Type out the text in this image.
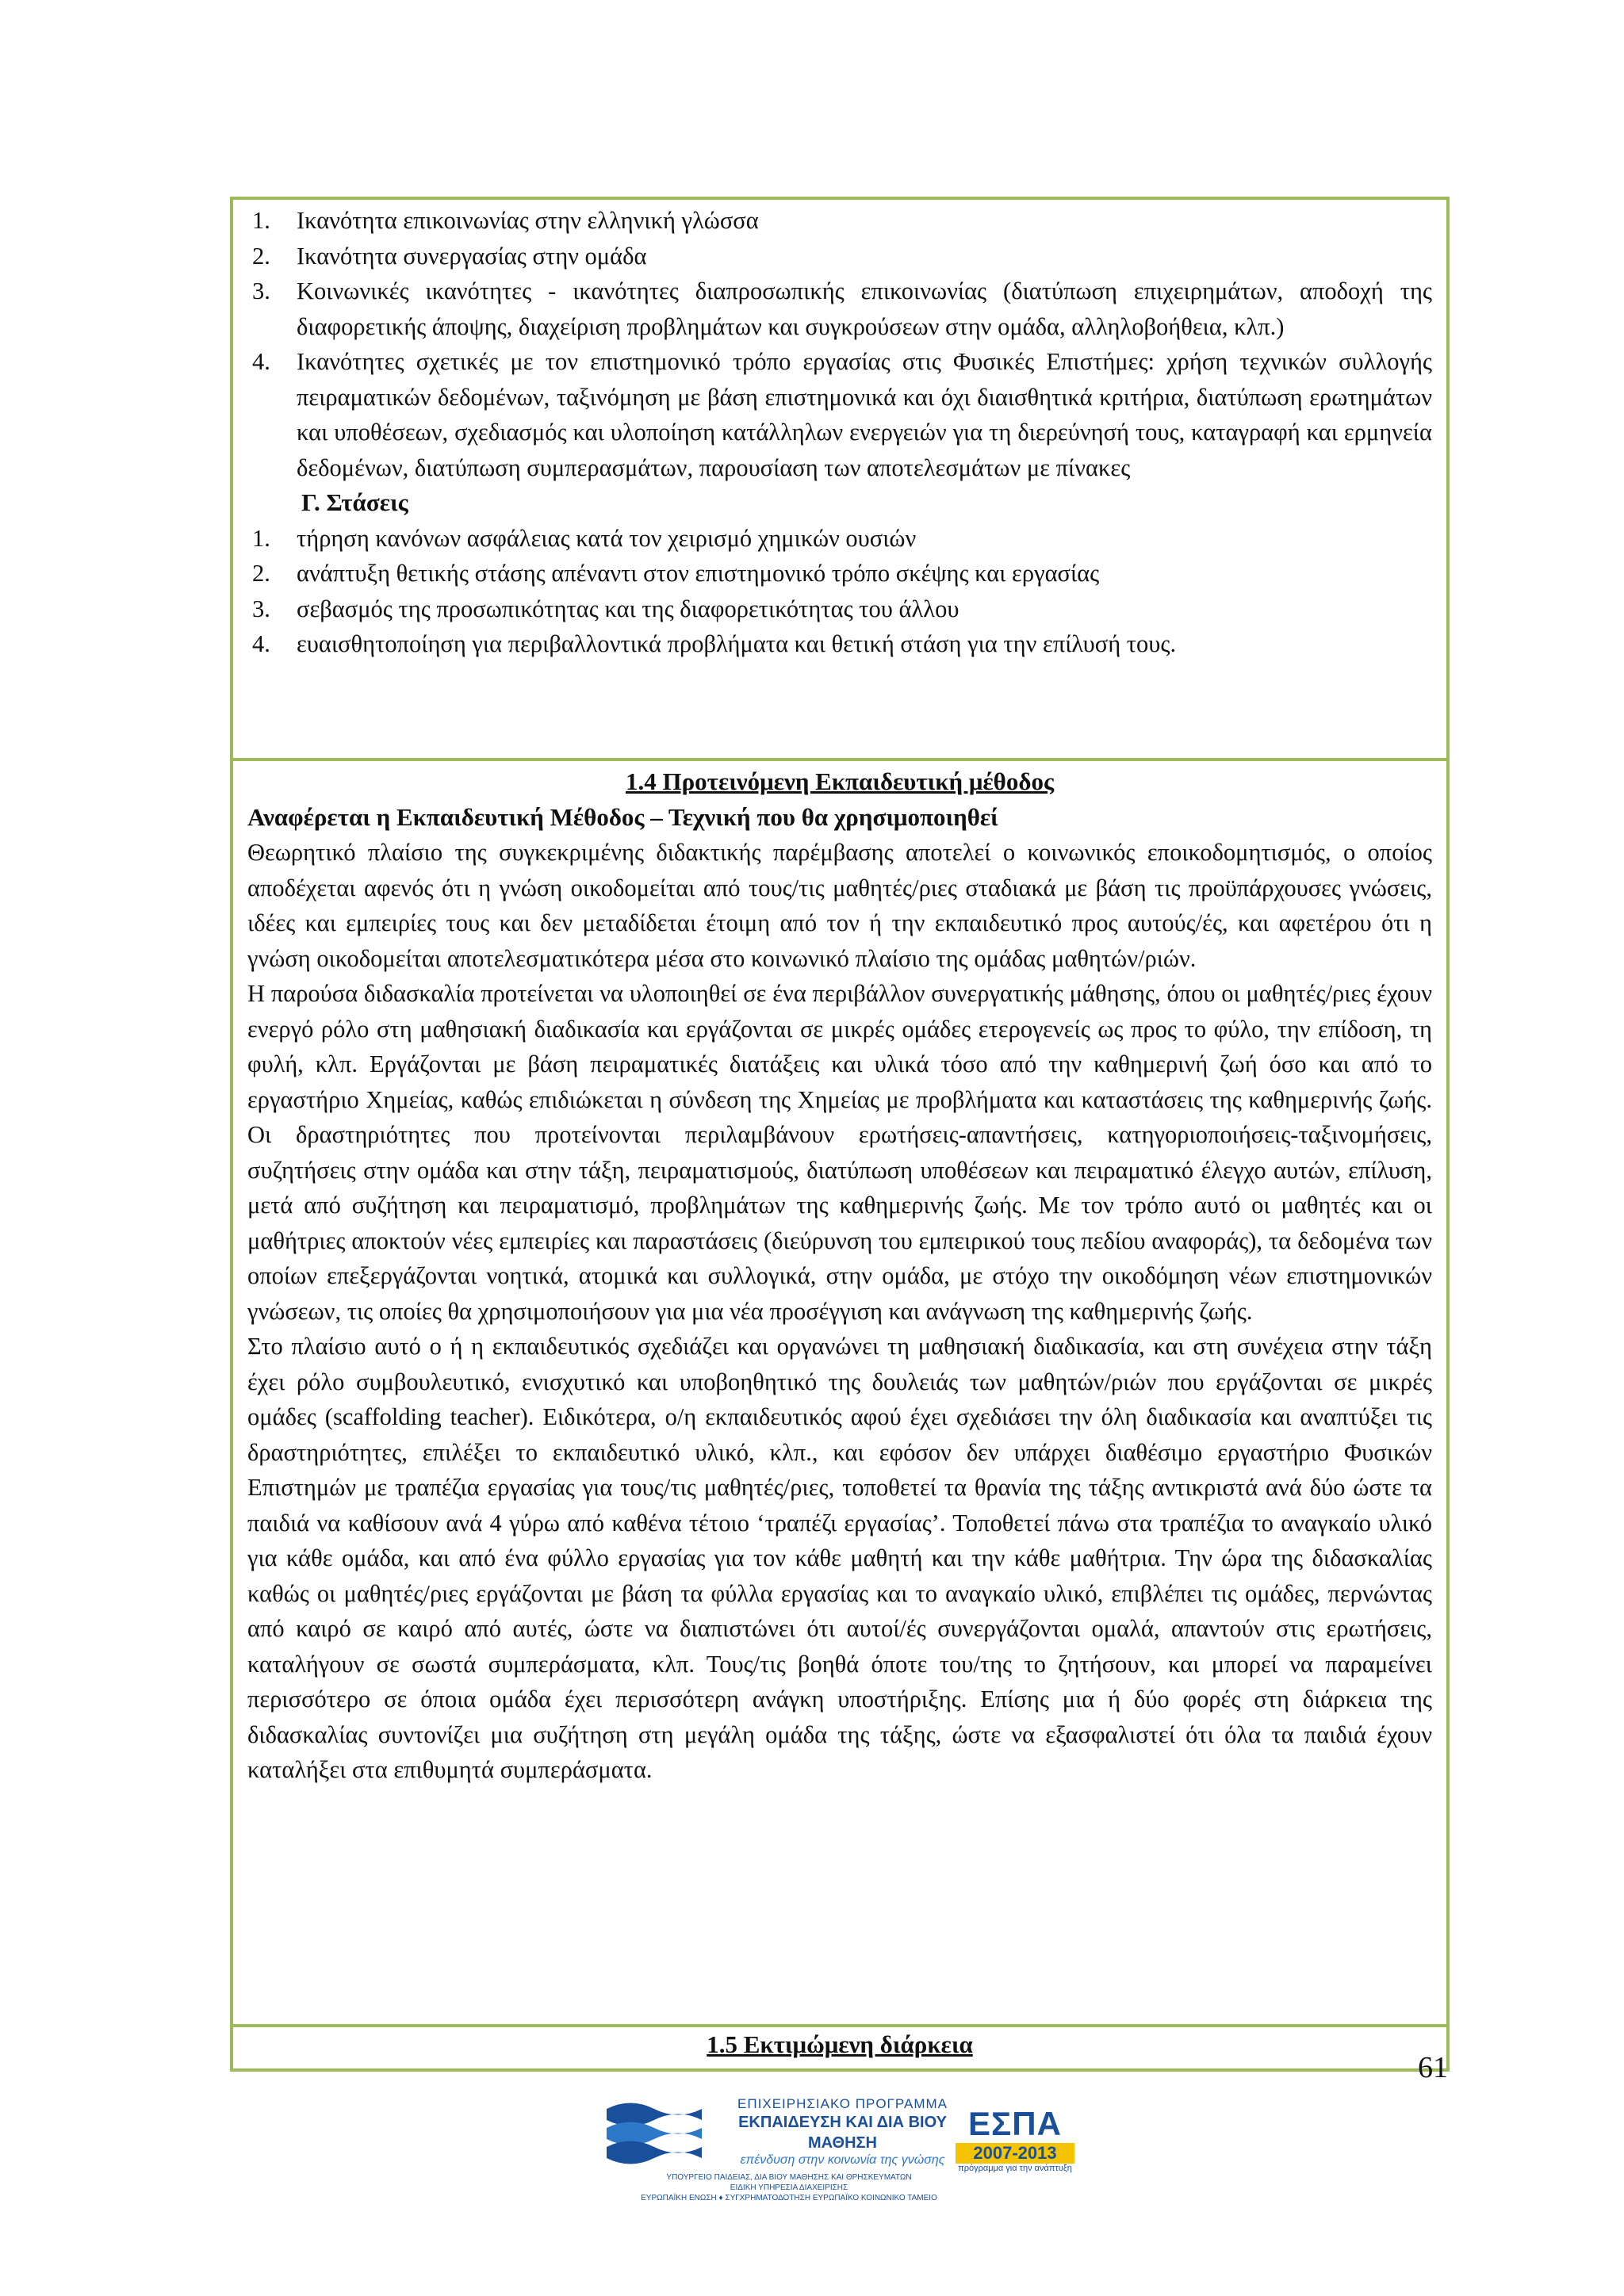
1.	Ικανότητα επικοινωνίας στην ελληνική γλώσσα
2.	Ικανότητα συνεργασίας στην ομάδα
3.	Κοινωνικές ικανότητες - ικανότητες διαπροσωπικής επικοινωνίας (διατύπωση επιχειρημάτων, αποδοχή της διαφορετικής άποψης, διαχείριση προβλημάτων και συγκρούσεων στην ομάδα, αλληλοβοήθεια, κλπ.)
4.	Ικανότητες σχετικές με τον επιστημονικό τρόπο εργασίας στις Φυσικές Επιστήμες: χρήση τεχνικών συλλογής πειραματικών δεδομένων, ταξινόμηση με βάση επιστημονικά και όχι διαισθητικά κριτήρια, διατύπωση ερωτημάτων και υποθέσεων, σχεδιασμός και υλοποίηση κατάλληλων ενεργειών για τη διερεύνησή τους, καταγραφή και ερμηνεία δεδομένων, διατύπωση συμπερασμάτων, παρουσίαση των αποτελεσμάτων με πίνακες
Γ. Στάσεις
1.	τήρηση κανόνων ασφάλειας κατά τον χειρισμό χημικών ουσιών
2.	ανάπτυξη θετικής στάσης απέναντι στον επιστημονικό τρόπο σκέψης και εργασίας
3.	σεβασμός της προσωπικότητας και της διαφορετικότητας του άλλου
4.	ευαισθητοποίηση για περιβαλλοντικά προβλήματα και θετική στάση για την επίλυσή τους.
1.4 Προτεινόμενη Εκπαιδευτική μέθοδος
Αναφέρεται η Εκπαιδευτική Μέθοδος – Τεχνική που θα χρησιμοποιηθεί

Θεωρητικό πλαίσιο της συγκεκριμένης διδακτικής παρέμβασης αποτελεί ο κοινωνικός εποικοδομητισμός, ο οποίος αποδέχεται αφενός ότι η γνώση οικοδομείται από τους/τις μαθητές/ριες σταδιακά με βάση τις προϋπάρχουσες γνώσεις, ιδέες και εμπειρίες τους και δεν μεταδίδεται έτοιμη από τον ή την εκπαιδευτικό προς αυτούς/ές, και αφετέρου ότι η γνώση οικοδομείται αποτελεσματικότερα μέσα στο κοινωνικό πλαίσιο της ομάδας μαθητών/ριών.

Η παρούσα διδασκαλία προτείνεται να υλοποιηθεί σε ένα περιβάλλον συνεργατικής μάθησης, όπου οι μαθητές/ριες έχουν ενεργό ρόλο στη μαθησιακή διαδικασία και εργάζονται σε μικρές ομάδες ετερογενείς ως προς το φύλο, την επίδοση, τη φυλή, κλπ. Εργάζονται με βάση πειραματικές διατάξεις και υλικά τόσο από την καθημερινή ζωή όσο και από το εργαστήριο Χημείας, καθώς επιδιώκεται η σύνδεση της Χημείας με προβλήματα και καταστάσεις της καθημερινής ζωής. Οι δραστηριότητες που προτείνονται περιλαμβάνουν ερωτήσεις-απαντήσεις, κατηγοριοποιήσεις-ταξινομήσεις, συζητήσεις στην ομάδα και στην τάξη, πειραματισμούς, διατύπωση υποθέσεων και πειραματικό έλεγχο αυτών, επίλυση, μετά από συζήτηση και πειραματισμό, προβλημάτων της καθημερινής ζωής. Με τον τρόπο αυτό οι μαθητές και οι μαθήτριες αποκτούν νέες εμπειρίες και παραστάσεις (διεύρυνση του εμπειρικού τους πεδίου αναφοράς), τα δεδομένα των οποίων επεξεργάζονται νοητικά, ατομικά και συλλογικά, στην ομάδα, με στόχο την οικοδόμηση νέων επιστημονικών γνώσεων, τις οποίες θα χρησιμοποιήσουν για μια νέα προσέγγιση και ανάγνωση της καθημερινής ζωής.

Στο πλαίσιο αυτό ο ή η εκπαιδευτικός σχεδιάζει και οργανώνει τη μαθησιακή διαδικασία, και στη συνέχεια στην τάξη έχει ρόλο συμβουλευτικό, ενισχυτικό και υποβοηθητικό της δουλειάς των μαθητών/ριών που εργάζονται σε μικρές ομάδες (scaffolding teacher). Ειδικότερα, ο/η εκπαιδευτικός αφού έχει σχεδιάσει την όλη διαδικασία και αναπτύξει τις δραστηριότητες, επιλέξει το εκπαιδευτικό υλικό, κλπ., και εφόσον δεν υπάρχει διαθέσιμο εργαστήριο Φυσικών Επιστημών με τραπέζια εργασίας για τους/τις μαθητές/ριες, τοποθετεί τα θρανία της τάξης αντικριστά ανά δύο ώστε τα παιδιά να καθίσουν ανά 4 γύρω από καθένα τέτοιο ‘τραπέζι εργασίας’. Τοποθετεί πάνω στα τραπέζια το αναγκαίο υλικό για κάθε ομάδα, και από ένα φύλλο εργασίας για τον κάθε μαθητή και την κάθε μαθήτρια. Την ώρα της διδασκαλίας καθώς οι μαθητές/ριες εργάζονται με βάση τα φύλλα εργασίας και το αναγκαίο υλικό, επιβλέπει τις ομάδες, περνώντας από καιρό σε καιρό από αυτές, ώστε να διαπιστώνει ότι αυτοί/ές συνεργάζονται ομαλά, απαντούν στις ερωτήσεις, καταλήγουν σε σωστά συμπεράσματα, κλπ. Τους/τις βοηθά όποτε του/της το ζητήσουν, και μπορεί να παραμείνει περισσότερο σε όποια ομάδα έχει περισσότερη ανάγκη υποστήριξης. Επίσης μια ή δύο φορές στη διάρκεια της διδασκαλίας συντονίζει μια συζήτηση στη μεγάλη ομάδα της τάξης, ώστε να εξασφαλιστεί ότι όλα τα παιδιά έχουν καταλήξει στα επιθυμητά συμπεράσματα.

1.5 Εκτιμώμενη διάρκεια
61
ΕΠΙΧΕΙΡΗΣΙΑΚΟ ΠΡΟΓΡΑΜΜΑ
ΕΚΠΑΙΔΕΥΣΗ ΚΑΙ ΔΙΑ ΒΙΟΥ ΜΑΘΗΣΗ
επένδυση στην κοινωνία της γνώσης
ΥΠΟΥΡΓΕΙΟ ΠΑΙΔΕΙΑΣ, ΔΙΑ ΒΙΟΥ ΜΑΘΗΣΗΣ ΚΑΙ ΘΡΗΣΚΕΥΜΑΤΩΝ
ΕΙΔΙΚΗ ΥΠΗΡΕΣΙΑ ΔΙΑΧΕΙΡΙΣΗΣ
ΕΥΡΩΠΑΪΚΗ ΕΝΩΣΗ ♦ ΣΥΓΧΡΗΜΑΤΟΔΟΤΗΣΗ ΕΥΡΩΠΑΪΚΟ ΚΟΙΝΩΝΙΚΟ ΤΑΜΕΙΟ
ΕΣΠΑ
2007-2013
πρόγραμμα για την ανάπτυξη
